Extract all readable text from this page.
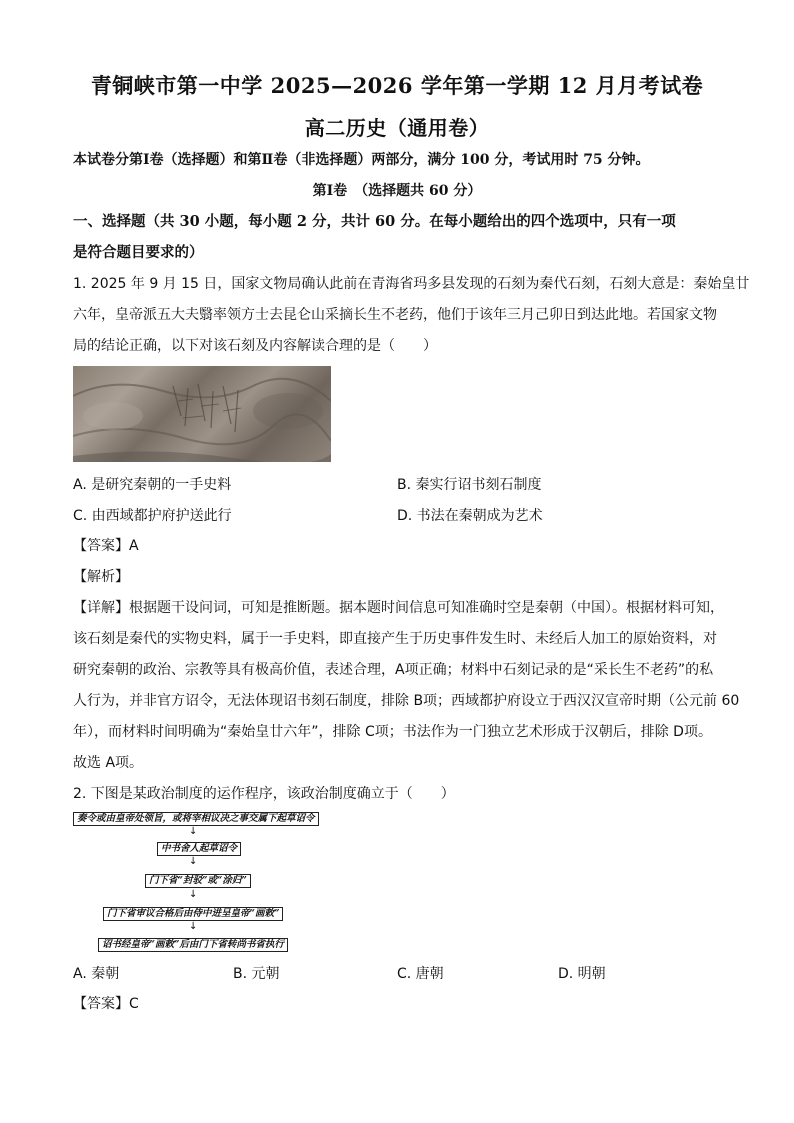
青铜峡市第一中学 2025—2026 学年第一学期 12 月月考试卷
高二历史（通用卷）
本试卷分第Ⅰ卷（选择题）和第Ⅱ卷（非选择题）两部分，满分 100 分，考试用时 75 分钟。
第Ⅰ卷　（选择题共 60 分）
一、选择题（共 30 小题，每小题 2 分，共计 60 分。在每小题给出的四个选项中，只有一项
是符合题目要求的）
1. 2025 年 9 月 15 日，国家文物局确认此前在青海省玛多县发现的石刻为秦代石刻，石刻大意是：秦始皇廿
六年，皇帝派五大夫翳率领方士去昆仑山采摘长生不老药，他们于该年三月己卯日到达此地。若国家文物
局的结论正确，以下对该石刻及内容解读合理的是（　　）
A. 是研究秦朝的一手史料	B. 秦实行诏书刻石制度
C. 由西域都护府护送此行	D. 书法在秦朝成为艺术
【答案】A
【解析】
【详解】根据题干设问词，可知是推断题。据本题时间信息可知准确时空是秦朝（中国）。根据材料可知，
该石刻是秦代的实物史料，属于一手史料，即直接产生于历史事件发生时、未经后人加工的原始资料，对
研究秦朝的政治、宗教等具有极高价值，表述合理，A项正确；材料中石刻记录的是“采长生不老药”的私
人行为，并非官方诏令，无法体现诏书刻石制度，排除 B项；西域都护府设立于西汉汉宣帝时期（公元前 60
年），而材料时间明确为“秦始皇廿六年”，排除 C项；书法作为一门独立艺术形成于汉朝后，排除 D项。
故选 A项。
2. 下图是某政治制度的运作程序，该政治制度确立于（　　）
奏令或由皇帝处领旨，或将宰相议决之事交属下起草诏令
↓
中书舍人起草诏令
↓
门下省“封驳”或“涂归”
↓
门下省审议合格后由侍中进呈皇帝“画敕”
↓
诏书经皇帝“画敕”后由门下省转尚书省执行
A. 秦朝	B. 元朝	C. 唐朝	D. 明朝
【答案】C
